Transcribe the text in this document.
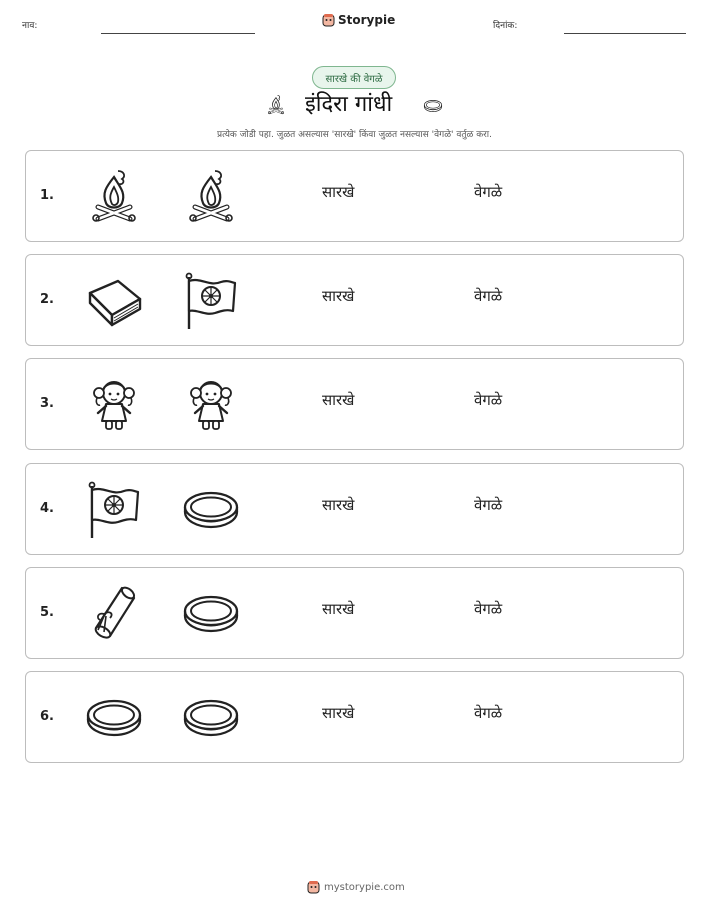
नाव:	Storypie	दिनांक:
सारखे की वेगळे
इंदिरा गांधी
प्रत्येक जोडी पहा. जुळत असल्यास 'सारखे' किंवा जुळत नसल्यास 'वेगळे' वर्तुळ करा.
1.	सारखे	वेगळे
2.	सारखे	वेगळे
3.	सारखे	वेगळे
4.	सारखे	वेगळे
5.	सारखे	वेगळे
6.	सारखे	वेगळे
mystorypie.com
